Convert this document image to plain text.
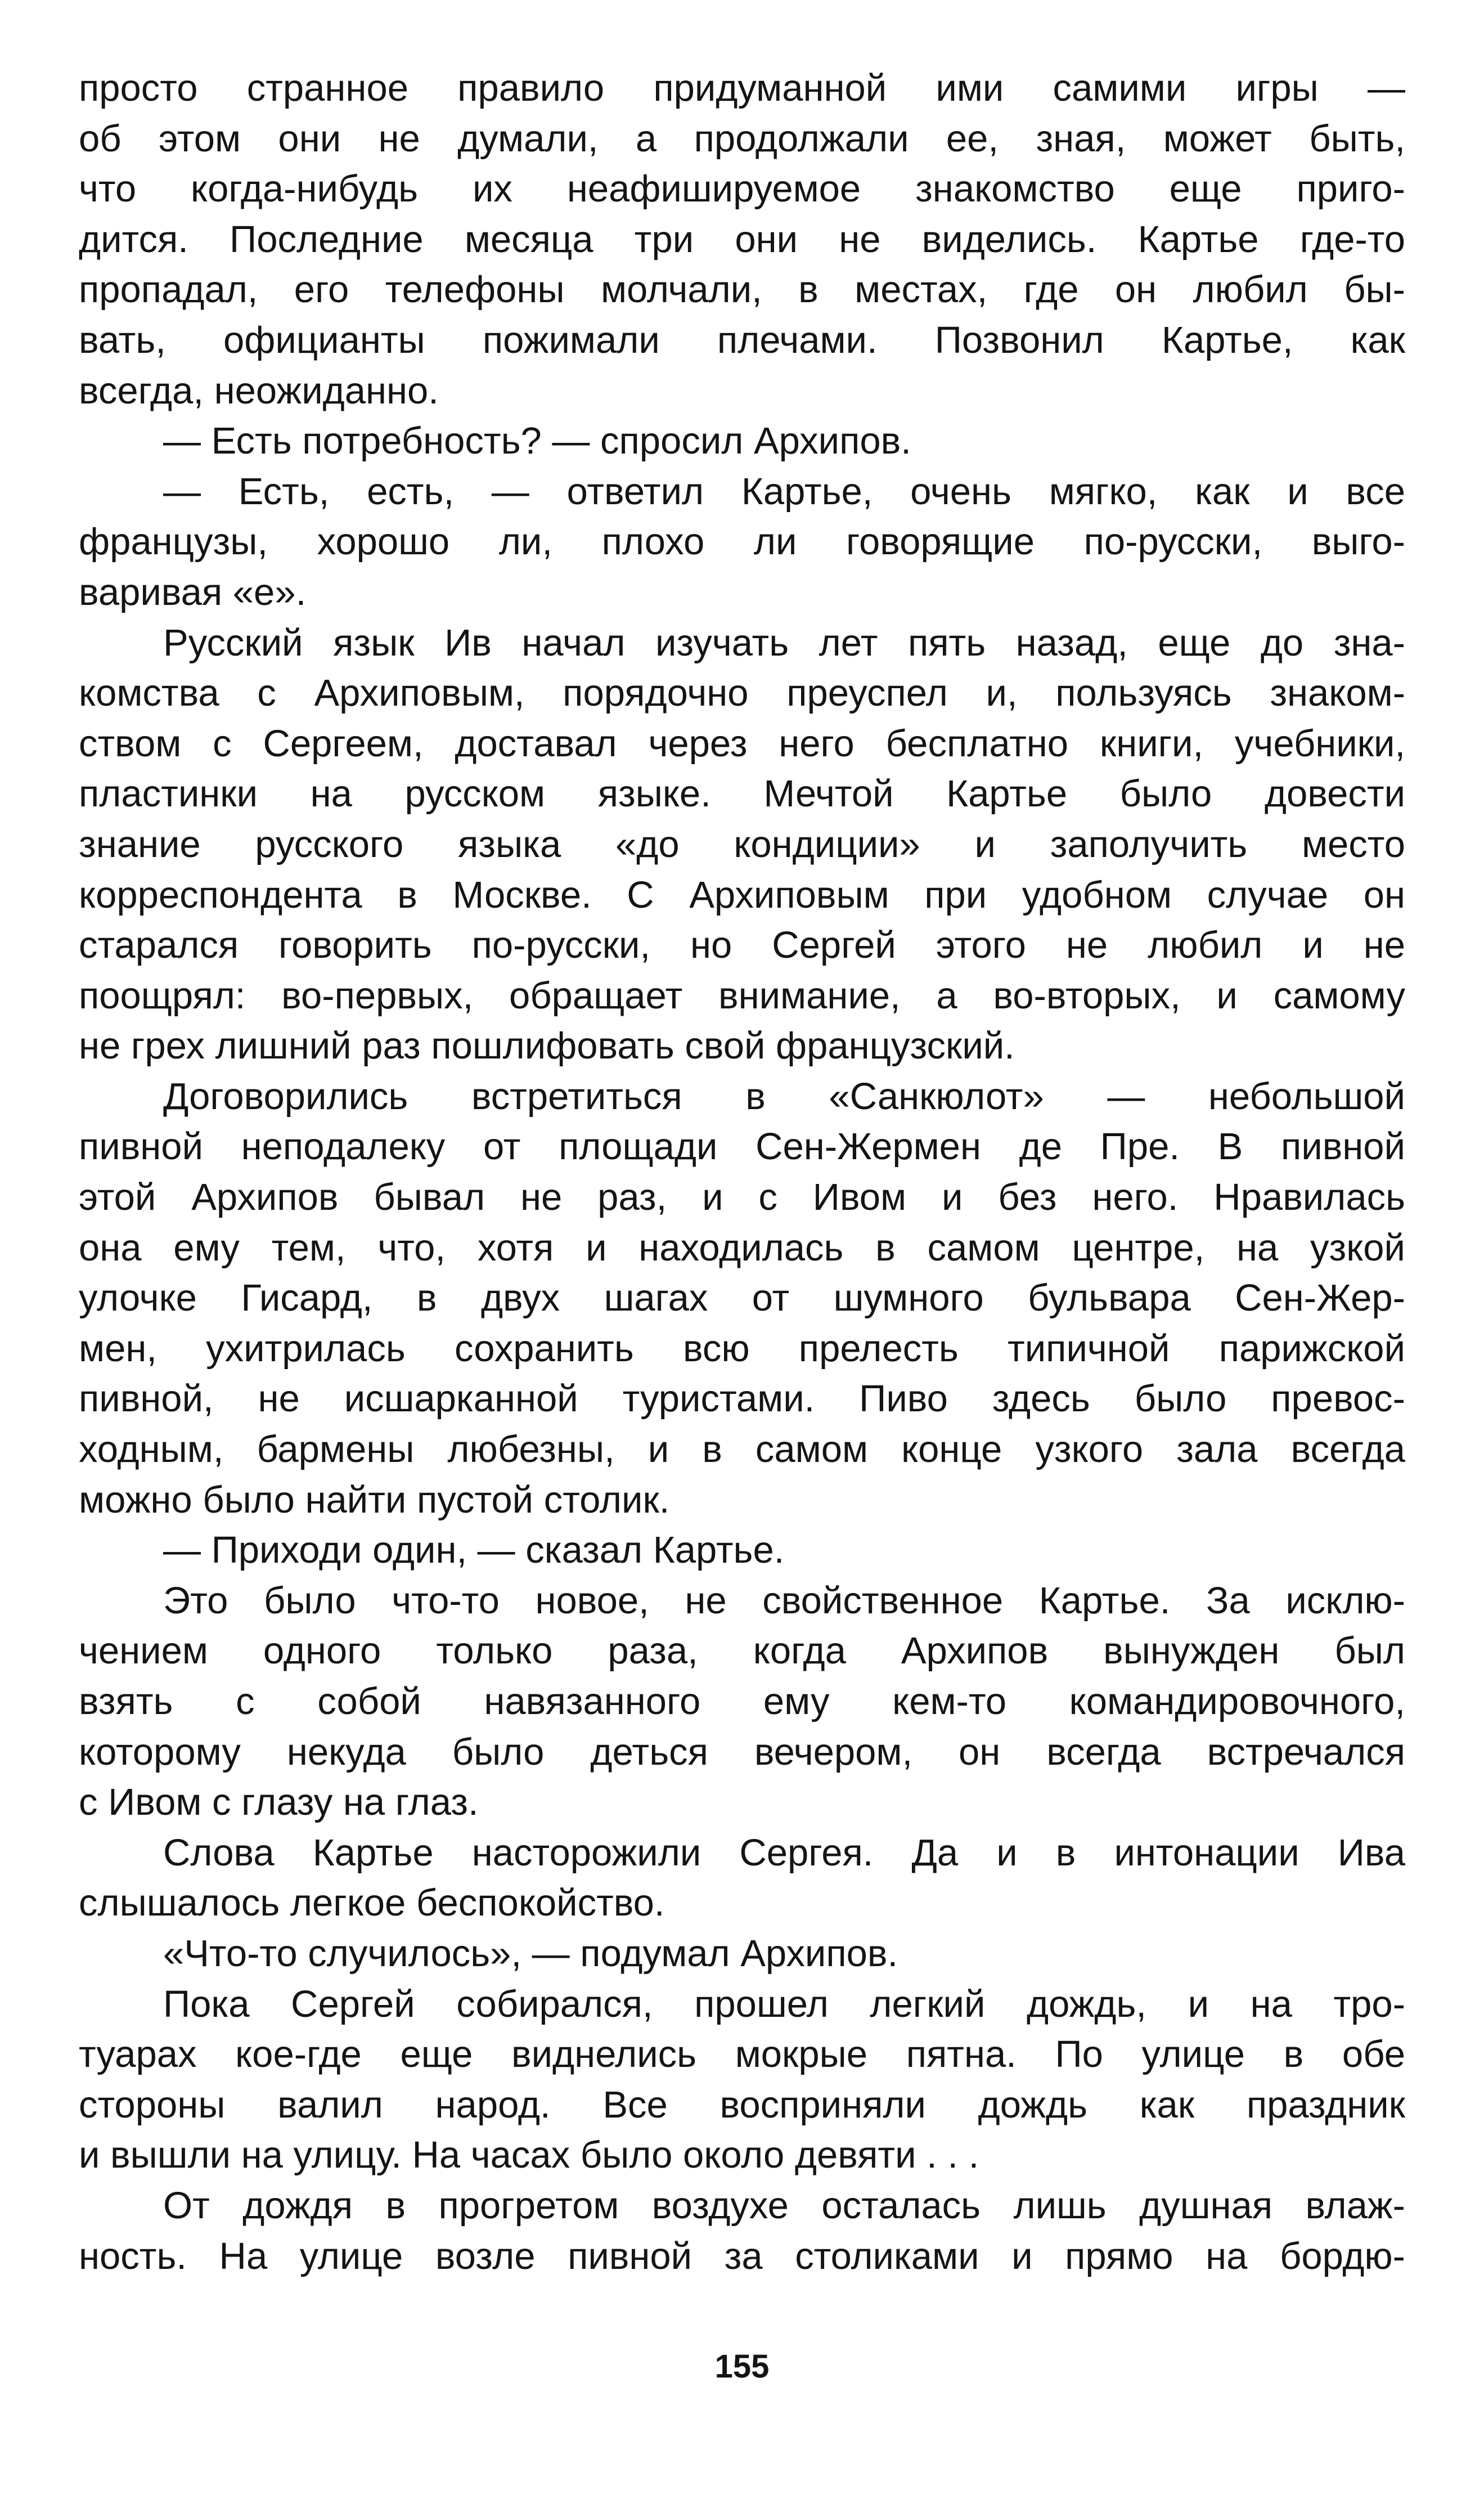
просто странное правило придуманной ими самими игры —
об этом они не думали, а продолжали ее, зная, может быть,
что когда-нибудь их неафишируемое знакомство еще приго-
дится. Последние месяца три они не виделись. Картье где-то
пропадал, его телефоны молчали, в местах, где он любил бы-
вать, официанты пожимали плечами. Позвонил Картье, как
всегда, неожиданно.
— Есть потребность? — спросил Архипов.
— Есть, есть, — ответил Картье, очень мягко, как и все
французы, хорошо ли, плохо ли говорящие по-русски, выго-
варивая «е».
Русский язык Ив начал изучать лет пять назад, еще до зна-
комства с Архиповым, порядочно преуспел и, пользуясь знаком-
ством с Сергеем, доставал через него бесплатно книги, учебники,
пластинки на русском языке. Мечтой Картье было довести
знание русского языка «до кондиции» и заполучить место
корреспондента в Москве. С Архиповым при удобном случае он
старался говорить по-русски, но Сергей этого не любил и не
поощрял: во-первых, обращает внимание, а во-вторых, и самому
не грех лишний раз пошлифовать свой французский.
Договорились встретиться в «Санкюлот» — небольшой
пивной неподалеку от площади Сен-Жермен де Пре. В пивной
этой Архипов бывал не раз, и с Ивом и без него. Нравилась
она ему тем, что, хотя и находилась в самом центре, на узкой
улочке Гисард, в двух шагах от шумного бульвара Сен-Жер-
мен, ухитрилась сохранить всю прелесть типичной парижской
пивной, не исшарканной туристами. Пиво здесь было превос-
ходным, бармены любезны, и в самом конце узкого зала всегда
можно было найти пустой столик.
— Приходи один, — сказал Картье.
Это было что-то новое, не свойственное Картье. За исклю-
чением одного только раза, когда Архипов вынужден был
взять с собой навязанного ему кем-то командировочного,
которому некуда было деться вечером, он всегда встречался
с Ивом с глазу на глаз.
Слова Картье насторожили Сергея. Да и в интонации Ива
слышалось легкое беспокойство.
«Что-то случилось», — подумал Архипов.
Пока Сергей собирался, прошел легкий дождь, и на тро-
туарах кое-где еще виднелись мокрые пятна. По улице в обе
стороны валил народ. Все восприняли дождь как праздник
и вышли на улицу. На часах было около девяти . . .
От дождя в прогретом воздухе осталась лишь душная влаж-
ность. На улице возле пивной за столиками и прямо на бордю-
155
